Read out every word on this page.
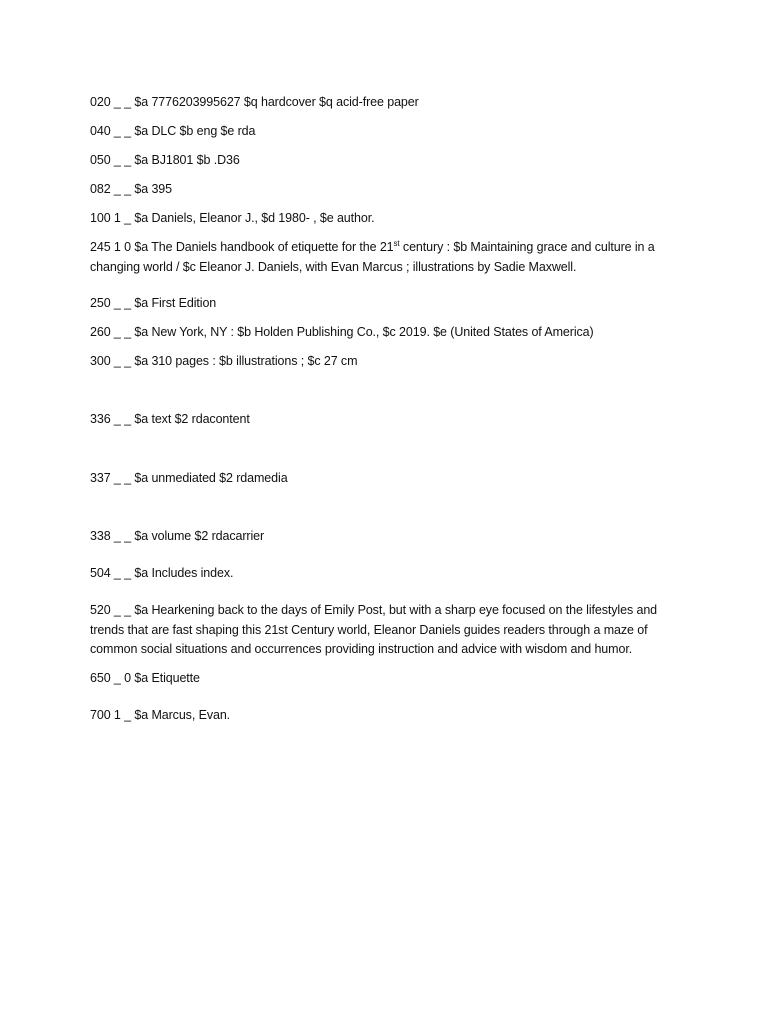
020 _ _ $a 7776203995627 $q hardcover $q acid-free paper

040 _ _ $a DLC $b eng $e rda

050 _ _ $a BJ1801 $b .D36

082 _ _ $a 395

100 1 _ $a Daniels, Eleanor J., $d 1980- , $e author.

245 1 0 $a The Daniels handbook of etiquette for the 21st century : $b Maintaining grace and culture in a changing world / $c Eleanor J. Daniels, with Evan Marcus ; illustrations by Sadie Maxwell.

250 _ _ $a First Edition

260 _ _ $a New York, NY : $b Holden Publishing Co., $c 2019. $e (United States of America)

300 _ _ $a 310 pages : $b illustrations ; $c 27 cm

336 _ _ $a text $2 rdacontent

337 _ _ $a unmediated $2 rdamedia

338 _ _ $a volume $2 rdacarrier

504 _ _ $a Includes index.

520 _ _ $a Hearkening back to the days of Emily Post, but with a sharp eye focused on the lifestyles and trends that are fast shaping this 21st Century world, Eleanor Daniels guides readers through a maze of common social situations and occurrences providing instruction and advice with wisdom and humor.

650 _ 0 $a Etiquette

700 1 _ $a Marcus, Evan.
